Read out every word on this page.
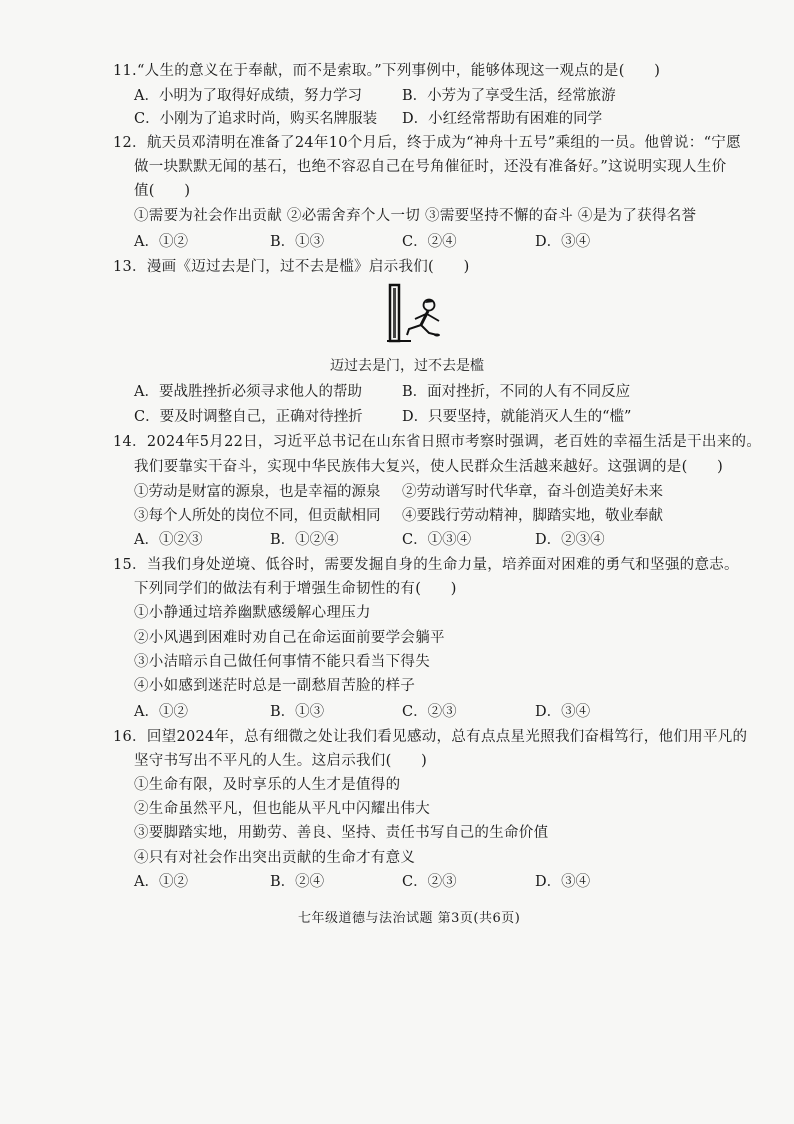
11.“人生的意义在于奉献，而不是索取。”下列事例中，能够体现这一观点的是(　　)
A．小明为了取得好成绩，努力学习	B．小芳为了享受生活，经常旅游
C．小刚为了追求时尚，购买名牌服装 D．小红经常帮助有困难的同学
12．航天员邓清明在准备了24年10个月后，终于成为“神舟十五号”乘组的一员。他曾说：“宁愿
做一块默默无闻的基石，也绝不容忍自己在号角催征时，还没有准备好。”这说明实现人生价
值(　　)
①需要为社会作出贡献 ②必需舍弃个人一切 ③需要坚持不懈的奋斗 ④是为了获得名誉
A．①②	B．①③	C．②④	D．③④
13．漫画《迈过去是门，过不去是槛》启示我们(　　)
迈过去是门，过不去是槛
A．要战胜挫折必须寻求他人的帮助	B．面对挫折，不同的人有不同反应
C．要及时调整自己，正确对待挫折	D．只要坚持，就能消灭人生的“槛”
14．2024年5月22日，习近平总书记在山东省日照市考察时强调，老百姓的幸福生活是干出来的。
我们要靠实干奋斗，实现中华民族伟大复兴，使人民群众生活越来越好。这强调的是(　　)
①劳动是财富的源泉，也是幸福的源泉 ②劳动谱写时代华章，奋斗创造美好未来
③每个人所处的岗位不同，但贡献相同 ④要践行劳动精神，脚踏实地，敬业奉献
A．①②③	B．①②④	C．①③④	D．②③④
15．当我们身处逆境、低谷时，需要发掘自身的生命力量，培养面对困难的勇气和坚强的意志。
下列同学们的做法有利于增强生命韧性的有(　　)
①小静通过培养幽默感缓解心理压力
②小风遇到困难时劝自己在命运面前要学会躺平
③小洁暗示自己做任何事情不能只看当下得失
④小如感到迷茫时总是一副愁眉苦脸的样子
A．①②	B．①③	C．②③	D．③④
16．回望2024年，总有细微之处让我们看见感动，总有点点星光照我们奋楫笃行，他们用平凡的
坚守书写出不平凡的人生。这启示我们(　　)
①生命有限，及时享乐的人生才是值得的
②生命虽然平凡，但也能从平凡中闪耀出伟大
③要脚踏实地，用勤劳、善良、坚持、责任书写自己的生命价值
④只有对社会作出突出贡献的生命才有意义
A．①②	B．②④	C．②③	D．③④
七年级道德与法治试题 第3页(共6页)
